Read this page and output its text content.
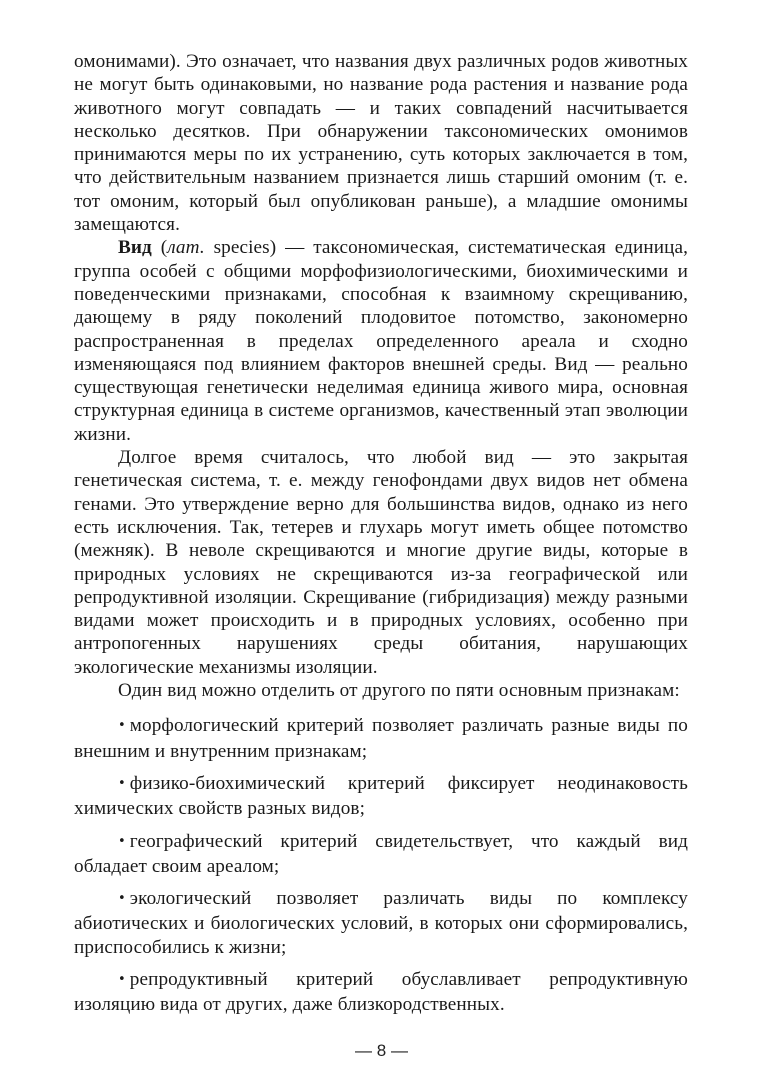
омонимами). Это означает, что названия двух различных родов животных не могут быть одинаковыми, но название рода растения и название рода животного могут совпадать — и таких совпадений насчитывается несколько десятков. При обнаружении таксономических омонимов принимаются меры по их устранению, суть которых заключается в том, что действительным названием признается лишь старший омоним (т. е. тот омоним, который был опубликован раньше), а младшие омонимы замещаются.

Вид (лат. species) — таксономическая, систематическая единица, группа особей с общими морфофизиологическими, биохимическими и поведенческими признаками, способная к взаимному скрещиванию, дающему в ряду поколений плодовитое потомство, закономерно распространенная в пределах определенного ареала и сходно изменяющаяся под влиянием факторов внешней среды. Вид — реально существующая генетически неделимая единица живого мира, основная структурная единица в системе организмов, качественный этап эволюции жизни.

Долгое время считалось, что любой вид — это закрытая генетическая система, т. е. между генофондами двух видов нет обмена генами. Это утверждение верно для большинства видов, однако из него есть исключения. Так, тетерев и глухарь могут иметь общее потомство (межняк). В неволе скрещиваются и многие другие виды, которые в природных условиях не скрещиваются из-за географической или репродуктивной изоляции. Скрещивание (гибридизация) между разными видами может происходить и в природных условиях, особенно при антропогенных нарушениях среды обитания, нарушающих экологические механизмы изоляции.

Один вид можно отделить от другого по пяти основным признакам:

• морфологический критерий позволяет различать разные виды по внешним и внутренним признакам;

• физико-биохимический критерий фиксирует неодинаковость химических свойств разных видов;

• географический критерий свидетельствует, что каждый вид обладает своим ареалом;

• экологический позволяет различать виды по комплексу абиотических и биологических условий, в которых они сформировались, приспособились к жизни;

• репродуктивный критерий обуславливает репродуктивную изоляцию вида от других, даже близкородственных.

— 8 —
